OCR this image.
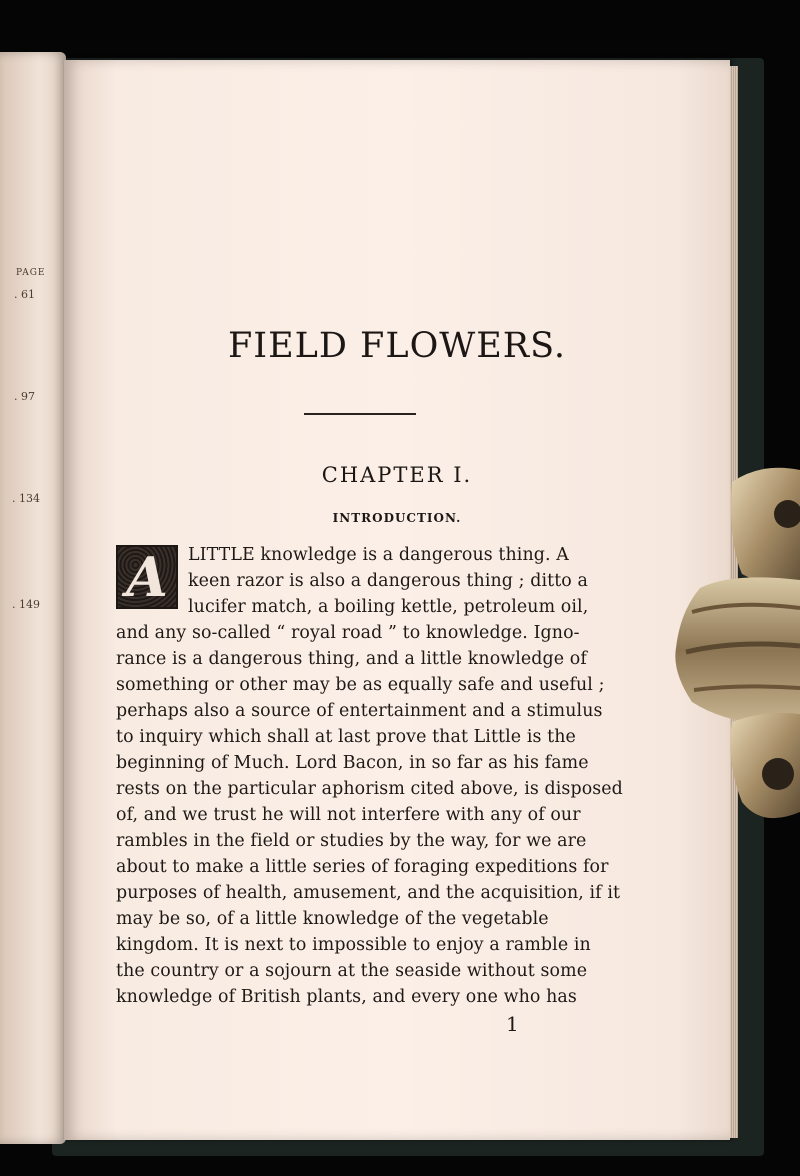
PAGE
. 61
. 97
. 134
. 149
FIELD FLOWERS.
CHAPTER I.
INTRODUCTION.
A LITTLE knowledge is a dangerous thing. A
keen razor is also a dangerous thing ; ditto a
lucifer match, a boiling kettle, petroleum oil,
and any so-called “ royal road ” to knowledge. Igno-
rance is a dangerous thing, and a little knowledge of
something or other may be as equally safe and useful ;
perhaps also a source of entertainment and a stimulus
to inquiry which shall at last prove that Little is the
beginning of Much. Lord Bacon, in so far as his fame
rests on the particular aphorism cited above, is disposed
of, and we trust he will not interfere with any of our
rambles in the field or studies by the way, for we are
about to make a little series of foraging expeditions for
purposes of health, amusement, and the acquisition, if it
may be so, of a little knowledge of the vegetable
kingdom. It is next to impossible to enjoy a ramble in
the country or a sojourn at the seaside without some
knowledge of British plants, and every one who has
1
